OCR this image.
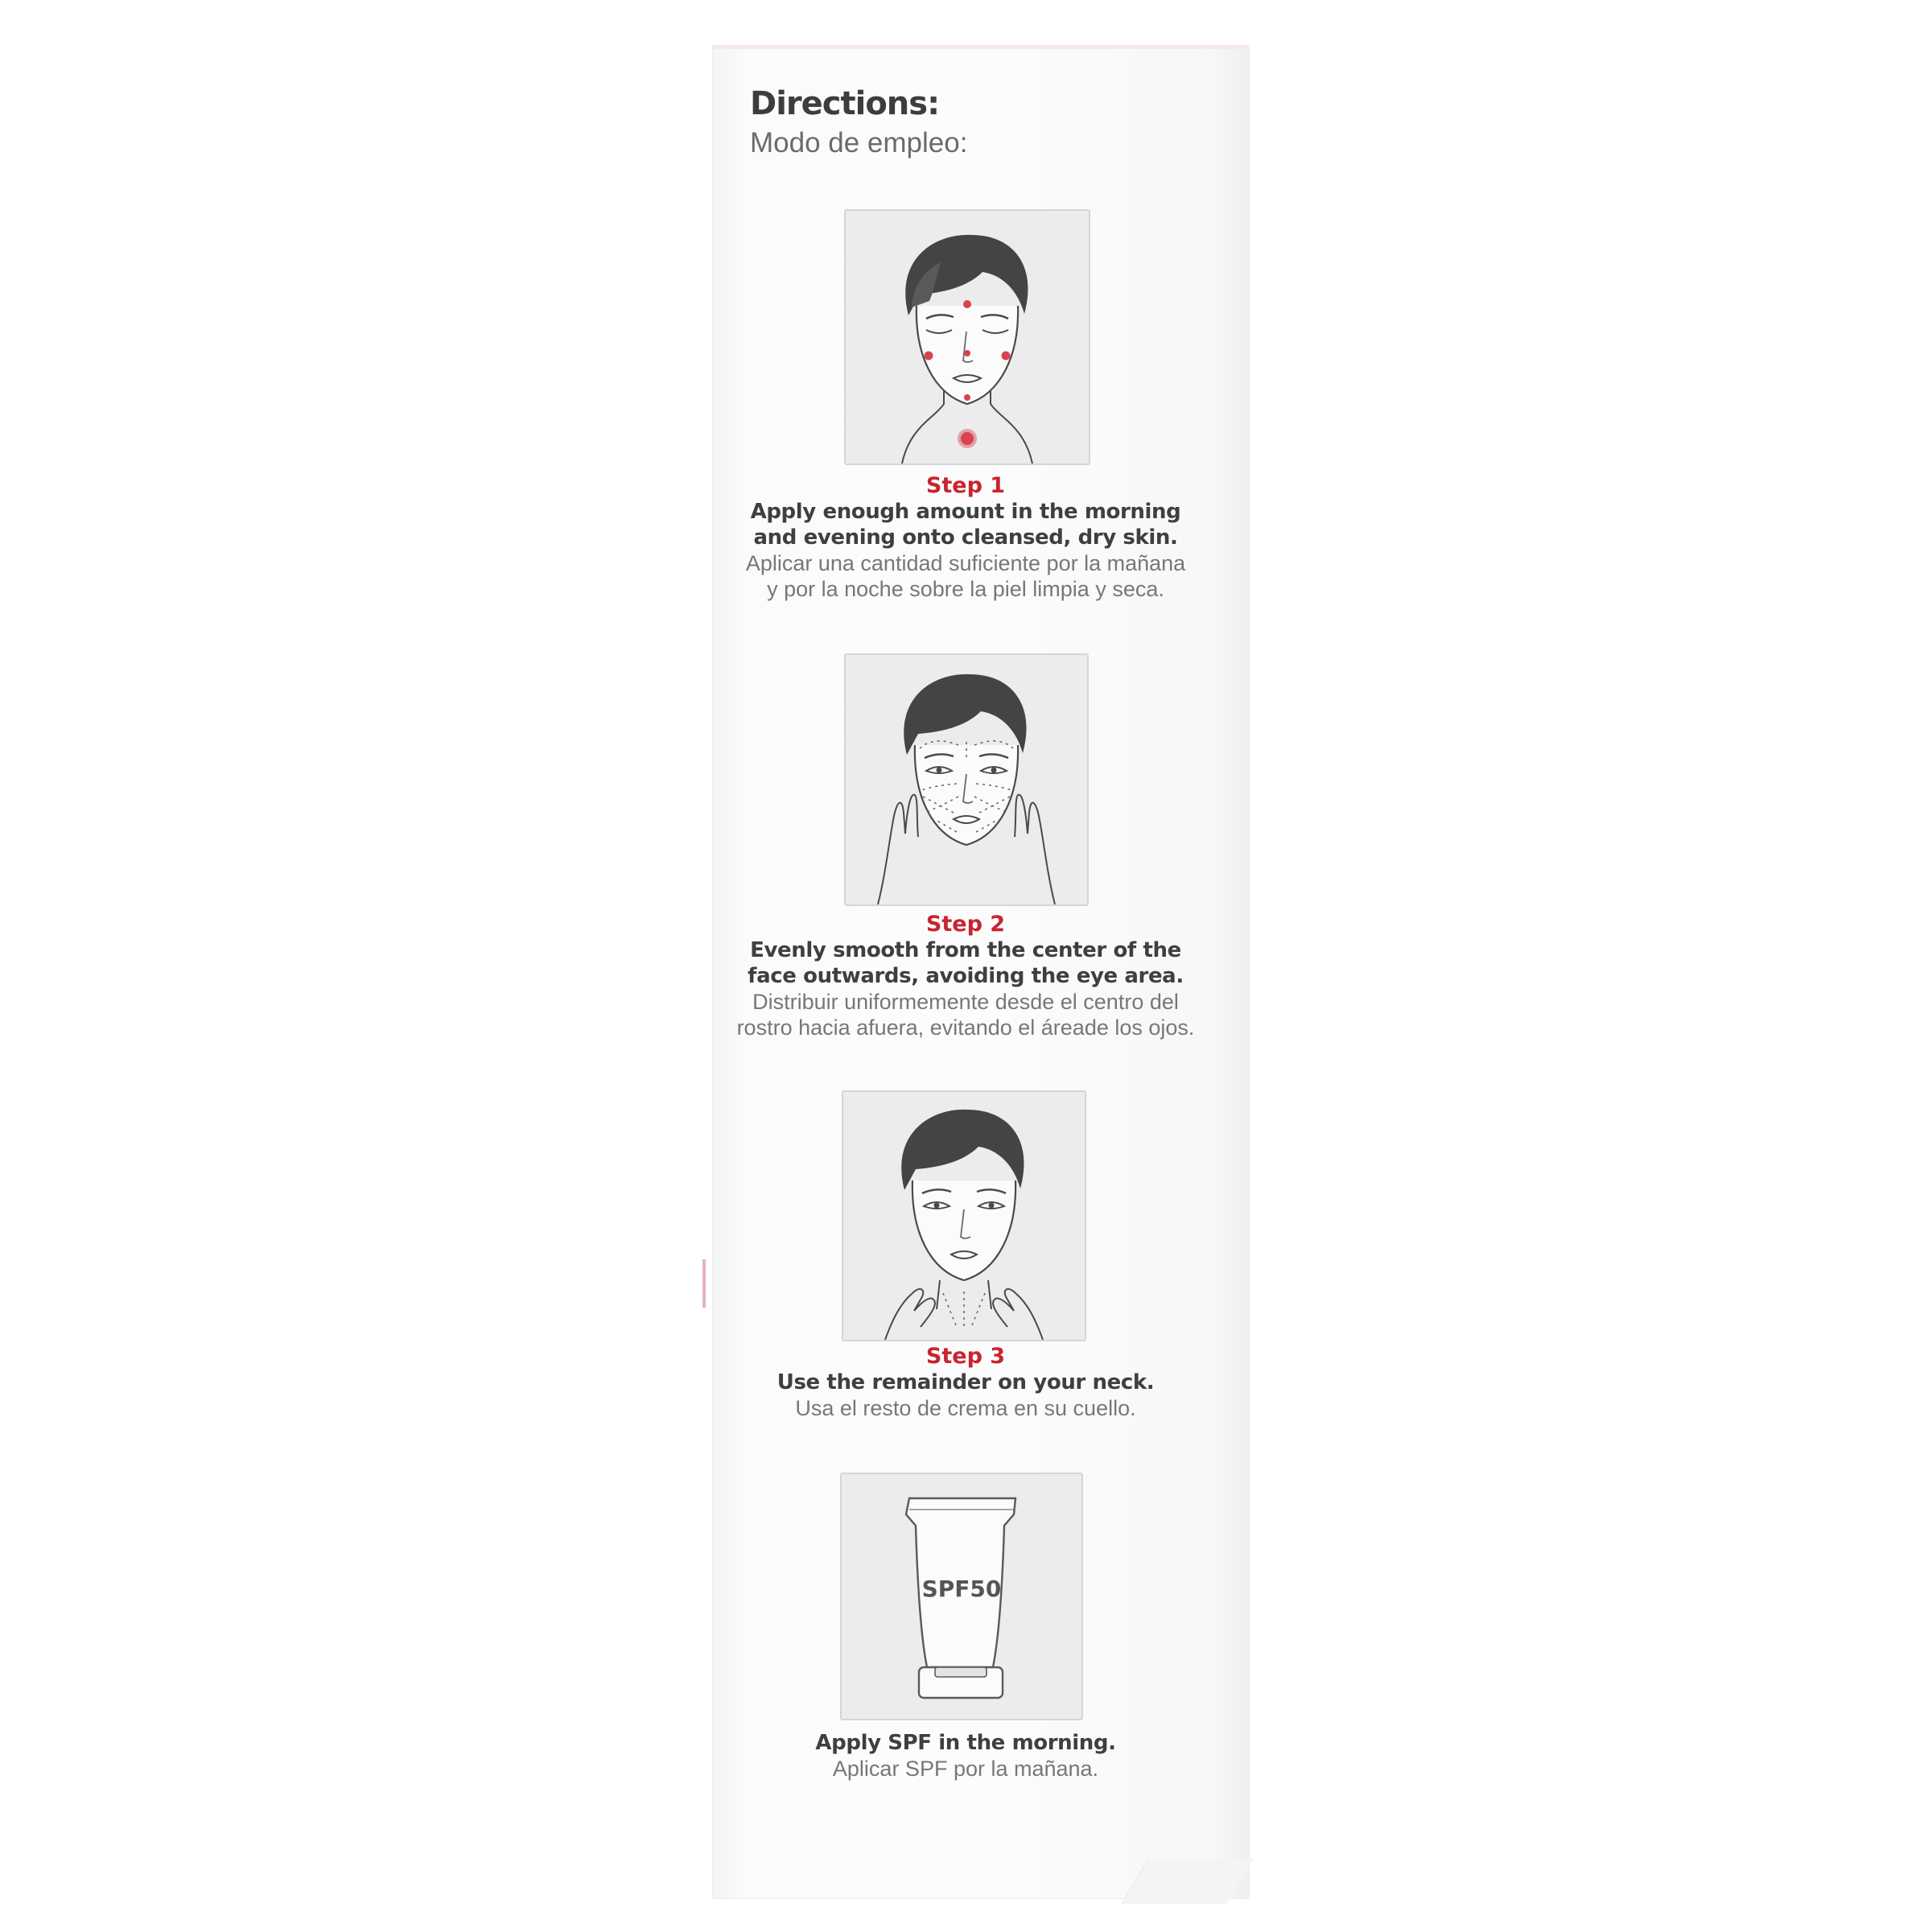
Directions:
Modo de empleo:
Step 1
Apply enough amount in the morning
and evening onto cleansed, dry skin.
Aplicar una cantidad suficiente por la mañana
y por la noche sobre la piel limpia y seca.
Step 2
Evenly smooth from the center of the
face outwards, avoiding the eye area.
Distribuir uniformemente desde el centro del
rostro hacia afuera, evitando el áreade los ojos.
Step 3
Use the remainder on your neck.
Usa el resto de crema en su cuello.
SPF50
Apply SPF in the morning.
Aplicar SPF por la mañana.
